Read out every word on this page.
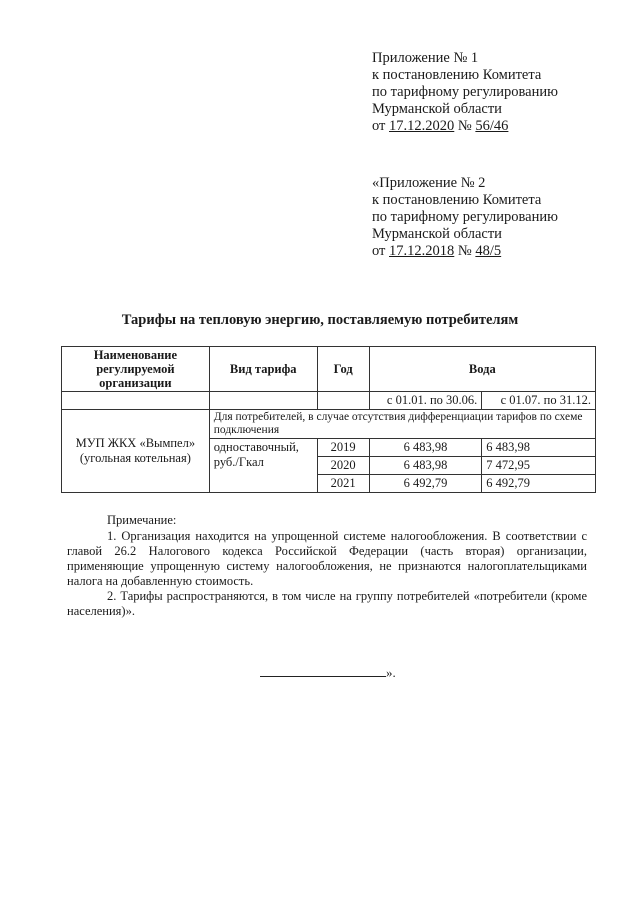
Приложение № 1
к постановлению Комитета
по тарифному регулированию
Мурманской области
от 17.12.2020 № 56/46
«Приложение № 2
к постановлению Комитета
по тарифному регулированию
Мурманской области
от 17.12.2018 № 48/5
Тарифы на тепловую энергию, поставляемую потребителям
Наименование регулируемой организации	Вид тарифа	Год	Вода	
			с 01.01. по 30.06.	с 01.07. по 31.12.
МУП ЖКХ «Вымпел» (угольная котельная)	Для потребителей, в случае отсутствия дифференциации тарифов по схеме подключения			
	одноставочный, руб./Гкал	2019	6 483,98	6 483,98
		2020	6 483,98	7 472,95
		2021	6 492,79	6 492,79

Примечание:

1. Организация находится на упрощенной системе налогообложения. В соответствии с главой 26.2 Налогового кодекса Российской Федерации (часть вторая) организации, применяющие упрощенную систему налогообложения, не признаются налогоплательщиками налога на добавленную стоимость.

2. Тарифы распространяются, в том числе на группу потребителей «потребители (кроме населения)».

».
